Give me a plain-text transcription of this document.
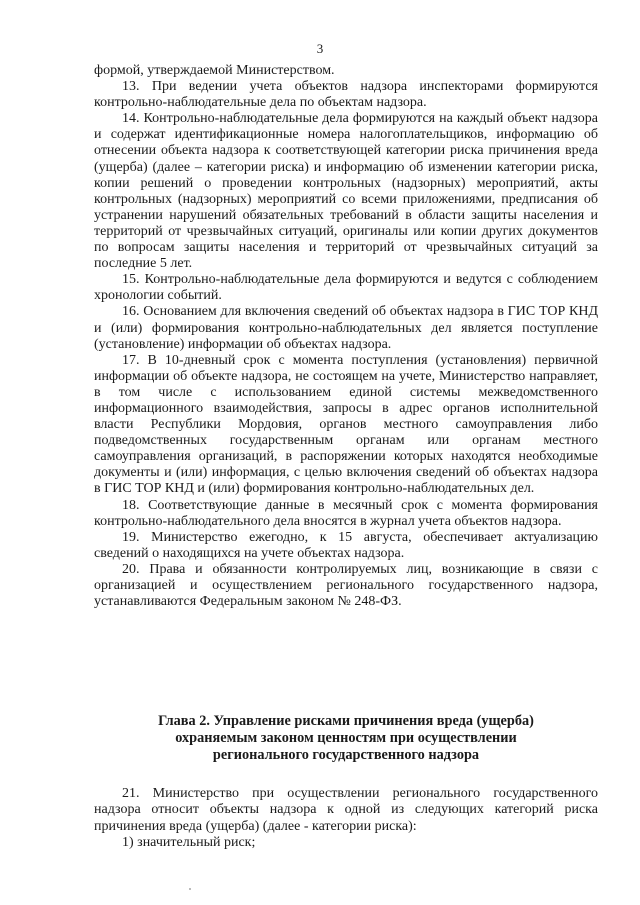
3

формой, утверждаемой Министерством.

13. При ведении учета объектов надзора инспекторами формируются контрольно-наблюдательные дела по объектам надзора.

14. Контрольно-наблюдательные дела формируются на каждый объект надзора и содержат идентификационные номера налогоплательщиков, информацию об отнесении объекта надзора к соответствующей категории риска причинения вреда (ущерба) (далее – категории риска) и информацию об изменении категории риска, копии решений о проведении контрольных (надзорных) мероприятий, акты контрольных (надзорных) мероприятий со всеми приложениями, предписания об устранении нарушений обязательных требований в области защиты населения и территорий от чрезвычайных ситуаций, оригиналы или копии других документов по вопросам защиты населения и территорий от чрезвычайных ситуаций за последние 5 лет.

15. Контрольно-наблюдательные дела формируются и ведутся с соблюдением хронологии событий.

16. Основанием для включения сведений об объектах надзора в ГИС ТОР КНД и (или) формирования контрольно-наблюдательных дел является поступление (установление) информации об объектах надзора.

17. В 10-дневный срок с момента поступления (установления) первичной информации об объекте надзора, не состоящем на учете, Министерство направляет, в том числе с использованием единой системы межведомственного информационного взаимодействия, запросы в адрес органов исполнительной власти Республики Мордовия, органов местного самоуправления либо подведомственных государственным органам или органам местного самоуправления организаций, в распоряжении которых находятся необходимые документы и (или) информация, с целью включения сведений об объектах надзора в ГИС ТОР КНД и (или) формирования контрольно-наблюдательных дел.

18. Соответствующие данные в месячный срок с момента формирования контрольно-наблюдательного дела вносятся в журнал учета объектов надзора.

19. Министерство ежегодно, к 15 августа, обеспечивает актуализацию сведений о находящихся на учете объектах надзора.

20. Права и обязанности контролируемых лиц, возникающие в связи с организацией и осуществлением регионального государственного надзора, устанавливаются Федеральным законом № 248-ФЗ.

Глава 2. Управление рисками причинения вреда (ущерба)
охраняемым законом ценностям при осуществлении
регионального государственного надзора

21. Министерство при осуществлении регионального государственного надзора относит объекты надзора к одной из следующих категорий риска причинения вреда (ущерба) (далее - категории риска):

1) значительный риск;
